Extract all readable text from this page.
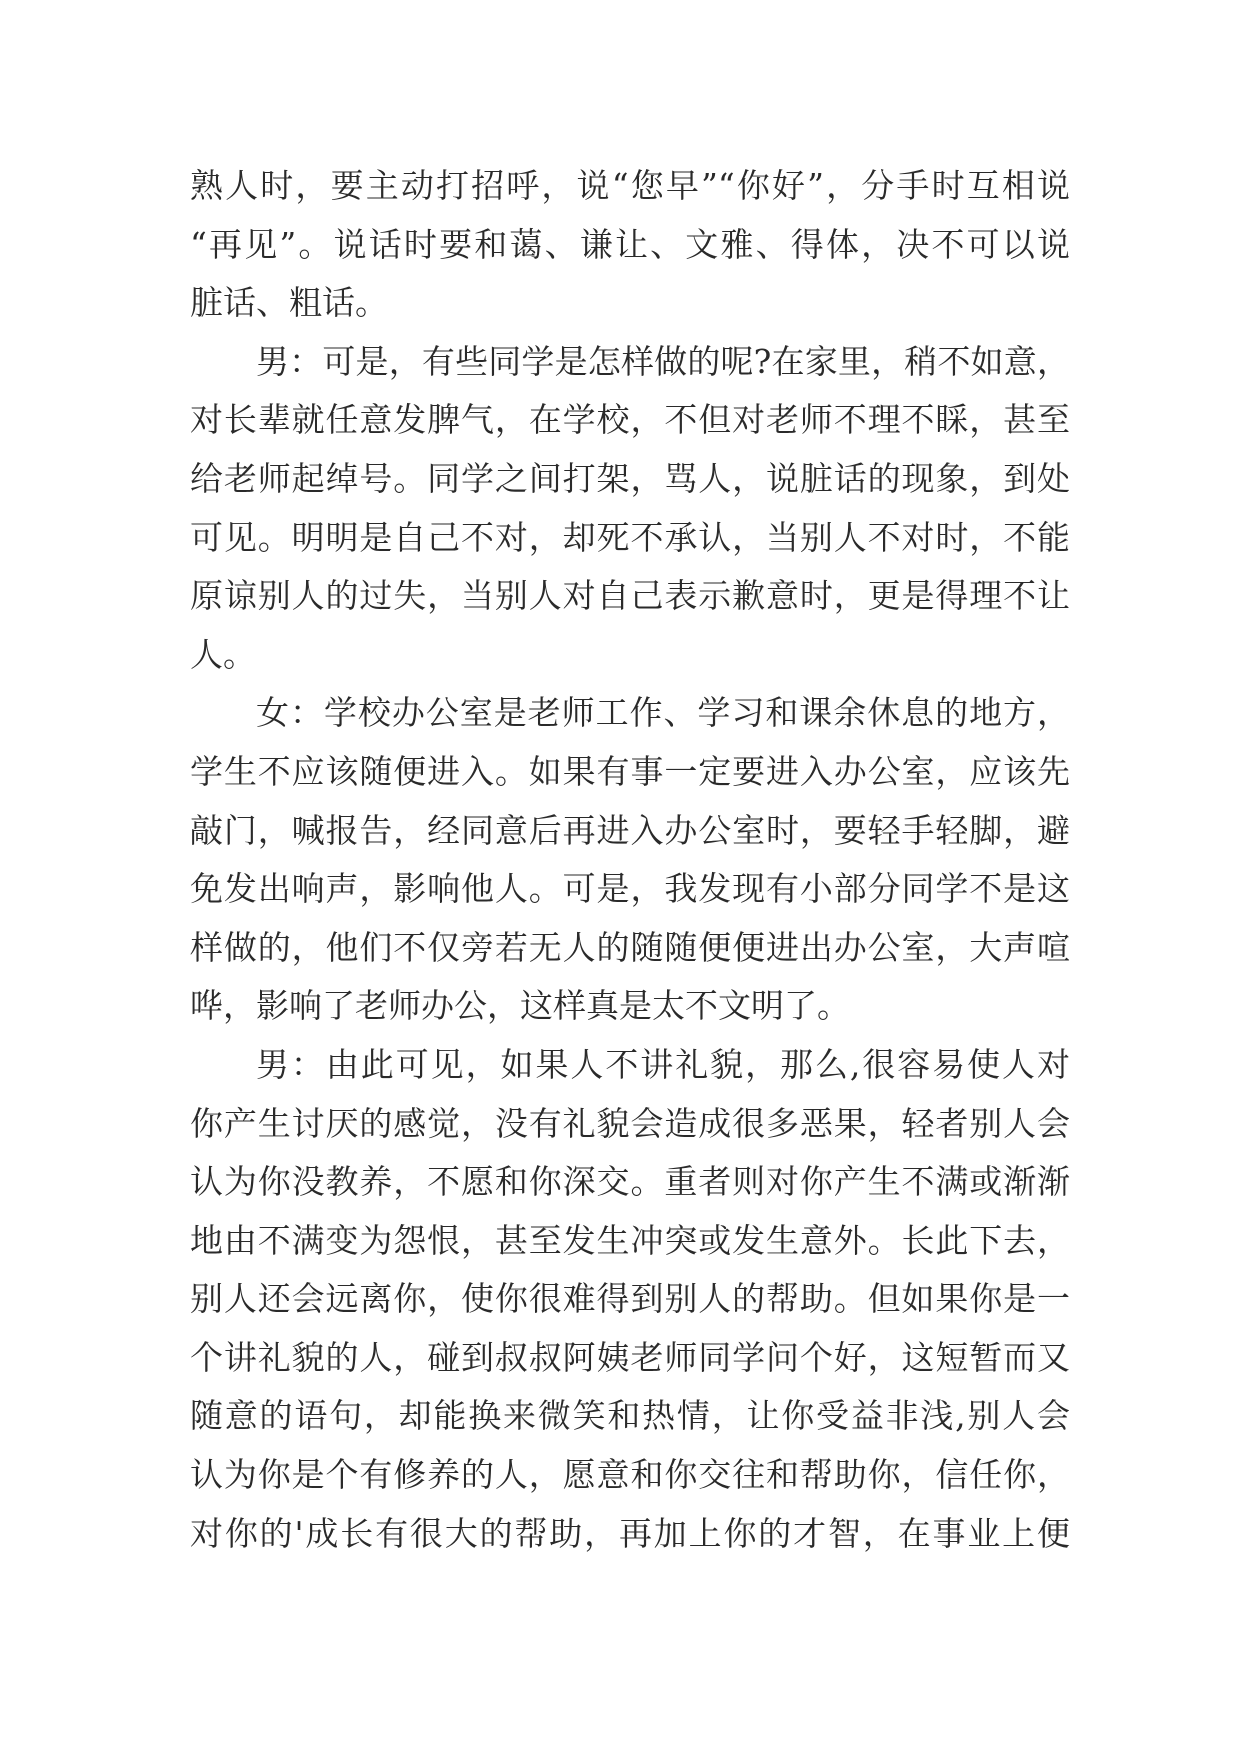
熟人时，要主动打招呼，说“您早”“你好”，分手时互相说
“再见”。说话时要和蔼、谦让、文雅、得体，决不可以说
脏话、粗话。
男：可是，有些同学是怎样做的呢?在家里，稍不如意，
对长辈就任意发脾气，在学校，不但对老师不理不睬，甚至
给老师起绰号。同学之间打架，骂人，说脏话的现象，到处
可见。明明是自己不对，却死不承认，当别人不对时，不能
原谅别人的过失，当别人对自己表示歉意时，更是得理不让
人。
女：学校办公室是老师工作、学习和课余休息的地方，
学生不应该随便进入。如果有事一定要进入办公室，应该先
敲门，喊报告，经同意后再进入办公室时，要轻手轻脚，避
免发出响声，影响他人。可是，我发现有小部分同学不是这
样做的，他们不仅旁若无人的随随便便进出办公室，大声喧
哗，影响了老师办公，这样真是太不文明了。
男：由此可见，如果人不讲礼貌，那么,很容易使人对
你产生讨厌的感觉，没有礼貌会造成很多恶果，轻者别人会
认为你没教养，不愿和你深交。重者则对你产生不满或渐渐
地由不满变为怨恨，甚至发生冲突或发生意外。长此下去，
别人还会远离你，使你很难得到别人的帮助。但如果你是一
个讲礼貌的人，碰到叔叔阿姨老师同学问个好，这短暂而又
随意的语句，却能换来微笑和热情，让你受益非浅,别人会
认为你是个有修养的人，愿意和你交往和帮助你，信任你，
对你的'成长有很大的帮助，再加上你的才智，在事业上便
